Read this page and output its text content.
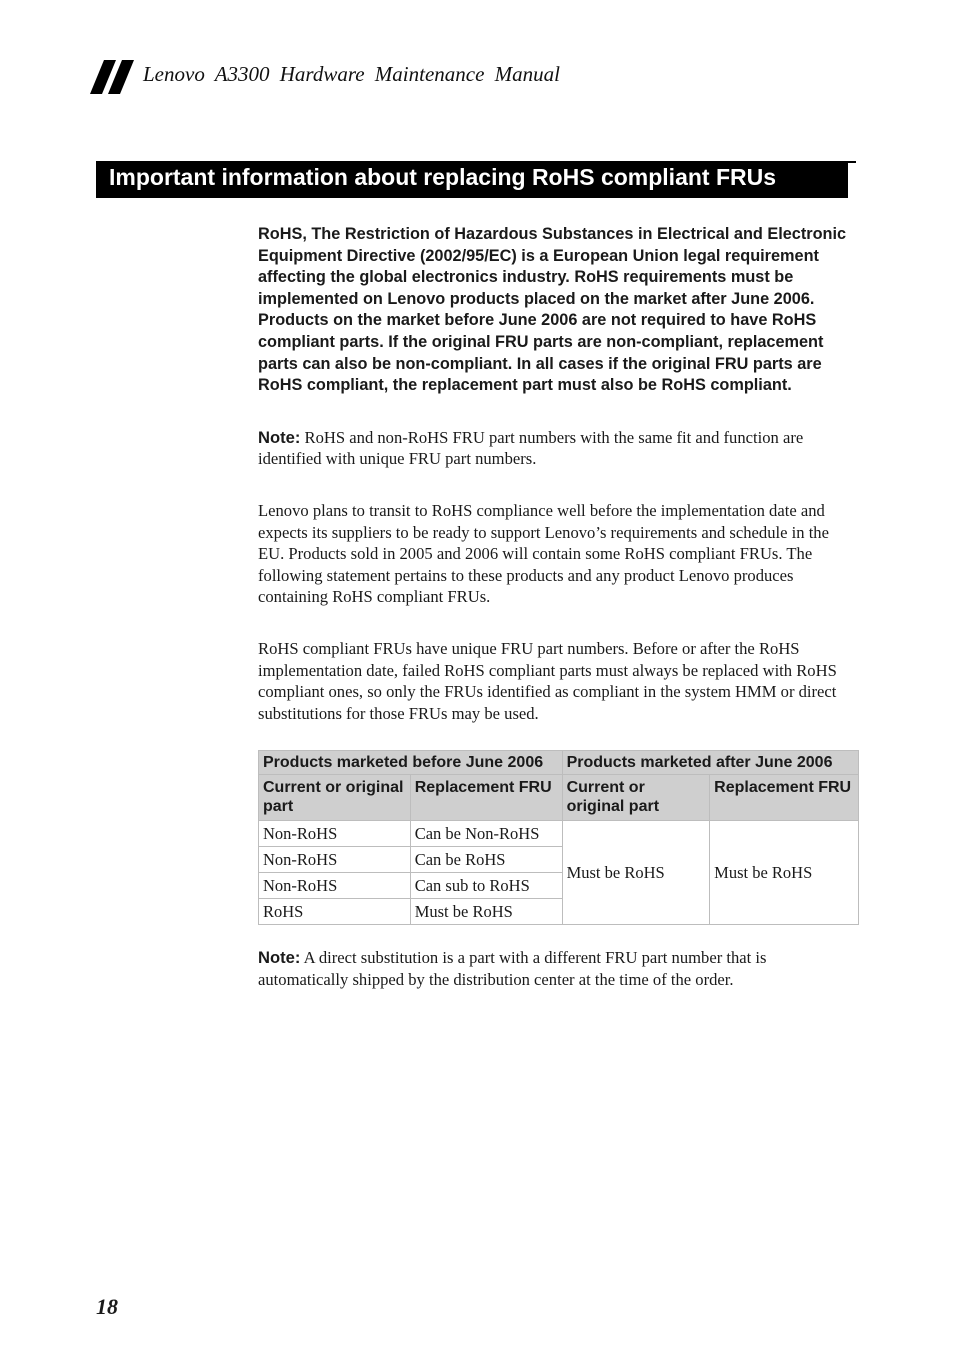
Lenovo A3300 Hardware Maintenance Manual
Important information about replacing RoHS compliant FRUs

RoHS, The Restriction of Hazardous Substances in Electrical and Electronic Equipment Directive (2002/95/EC) is a European Union legal requirement affecting the global electronics industry. RoHS requirements must be implemented on Lenovo products placed on the market after June 2006. Products on the market before June 2006 are not required to have RoHS compliant parts. If the original FRU parts are non-compliant, replacement parts can also be non-compliant. In all cases if the original FRU parts are RoHS compliant, the replacement part must also be RoHS compliant.

Note: RoHS and non-RoHS FRU part numbers with the same fit and function are identified with unique FRU part numbers.

Lenovo plans to transit to RoHS compliance well before the implementation date and expects its suppliers to be ready to support Lenovo’s requirements and schedule in the EU. Products sold in 2005 and 2006 will contain some RoHS compliant FRUs. The following statement pertains to these products and any product Lenovo produces containing RoHS compliant FRUs.

RoHS compliant FRUs have unique FRU part numbers. Before or after the RoHS implementation date, failed RoHS compliant parts must always be replaced with RoHS compliant ones, so only the FRUs identified as compliant in the system HMM or direct substitutions for those FRUs may be used.

Products marketed before June 2006		Products marketed after June 2006	
Current or original part	Replacement FRU	Current or original part	Replacement FRU
Non-RoHS	Can be Non-RoHS	Must be RoHS	Must be RoHS
Non-RoHS	Can be RoHS		
Non-RoHS	Can sub to RoHS		
RoHS	Must be RoHS		

Note: A direct substitution is a part with a different FRU part number that is automatically shipped by the distribution center at the time of the order.

18
